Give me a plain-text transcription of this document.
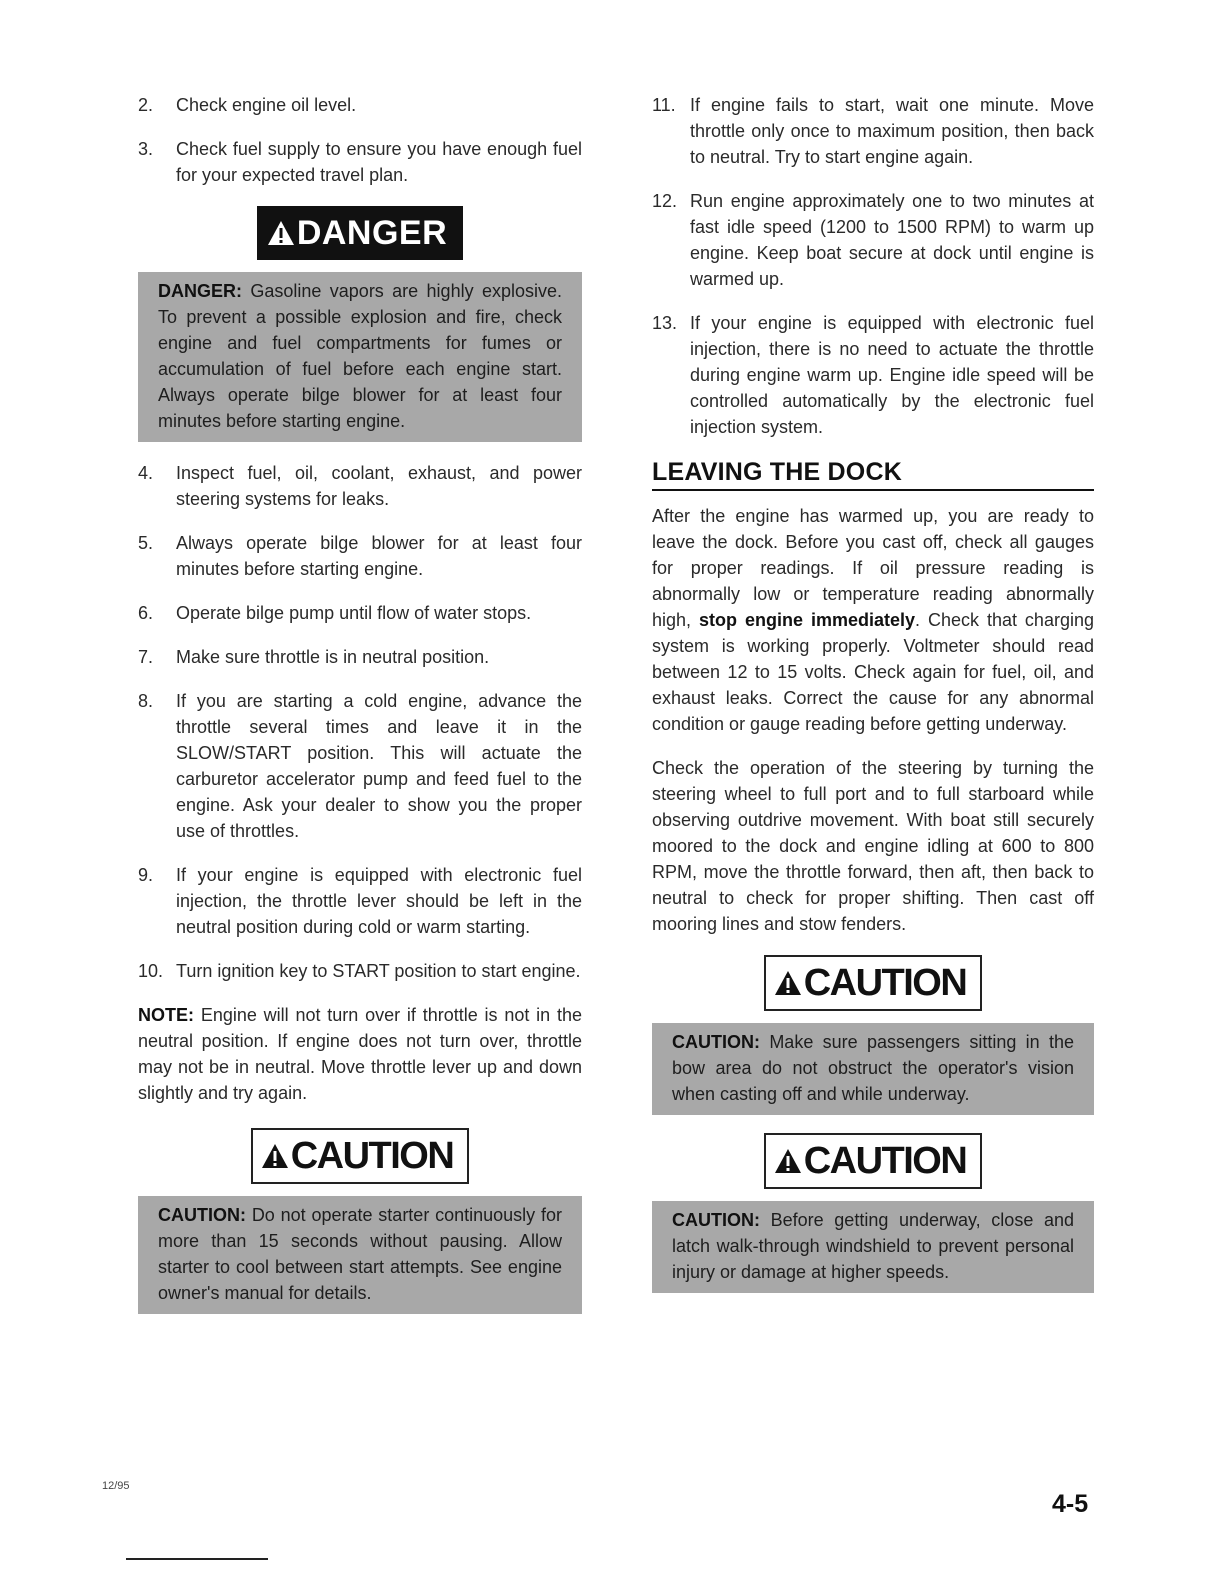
2. Check engine oil level.
3. Check fuel supply to ensure you have enough fuel for your expected travel plan.
DANGER
DANGER: Gasoline vapors are highly explosive. To prevent a possible explosion and fire, check engine and fuel compartments for fumes or accumulation of fuel before each engine start. Always operate bilge blower for at least four minutes before starting engine.
4. Inspect fuel, oil, coolant, exhaust, and power steering systems for leaks.
5. Always operate bilge blower for at least four minutes before starting engine.
6. Operate bilge pump until flow of water stops.
7. Make sure throttle is in neutral position.
8. If you are starting a cold engine, advance the throttle several times and leave it in the SLOW/START position. This will actuate the carburetor accelerator pump and feed fuel to the engine. Ask your dealer to show you the proper use of throttles.
9. If your engine is equipped with electronic fuel injection, the throttle lever should be left in the neutral position during cold or warm starting.
10. Turn ignition key to START position to start engine.
NOTE: Engine will not turn over if throttle is not in the neutral position. If engine does not turn over, throttle may not be in neutral. Move throttle lever up and down slightly and try again.
CAUTION
CAUTION: Do not operate starter continuously for more than 15 seconds without pausing. Allow starter to cool between start attempts. See engine owner's manual for details.
11. If engine fails to start, wait one minute. Move throttle only once to maximum position, then back to neutral. Try to start engine again.
12. Run engine approximately one to two minutes at fast idle speed (1200 to 1500 RPM) to warm up engine. Keep boat secure at dock until engine is warmed up.
13. If your engine is equipped with electronic fuel injection, there is no need to actuate the throttle during engine warm up. Engine idle speed will be controlled automatically by the electronic fuel injection system.
LEAVING THE DOCK

After the engine has warmed up, you are ready to leave the dock. Before you cast off, check all gauges for proper readings. If oil pressure reading is abnormally low or temperature reading abnormally high, stop engine immediately. Check that charging system is working properly. Voltmeter should read between 12 to 15 volts. Check again for fuel, oil, and exhaust leaks. Correct the cause for any abnormal condition or gauge reading before getting underway.

Check the operation of the steering by turning the steering wheel to full port and to full starboard while observing outdrive movement. With boat still securely moored to the dock and engine idling at 600 to 800 RPM, move the throttle forward, then aft, then back to neutral to check for proper shifting. Then cast off mooring lines and stow fenders.

CAUTION
CAUTION: Make sure passengers sitting in the bow area do not obstruct the operator's vision when casting off and while underway.
CAUTION
CAUTION: Before getting underway, close and latch walk-through windshield to prevent personal injury or damage at higher speeds.
12/95
4-5
